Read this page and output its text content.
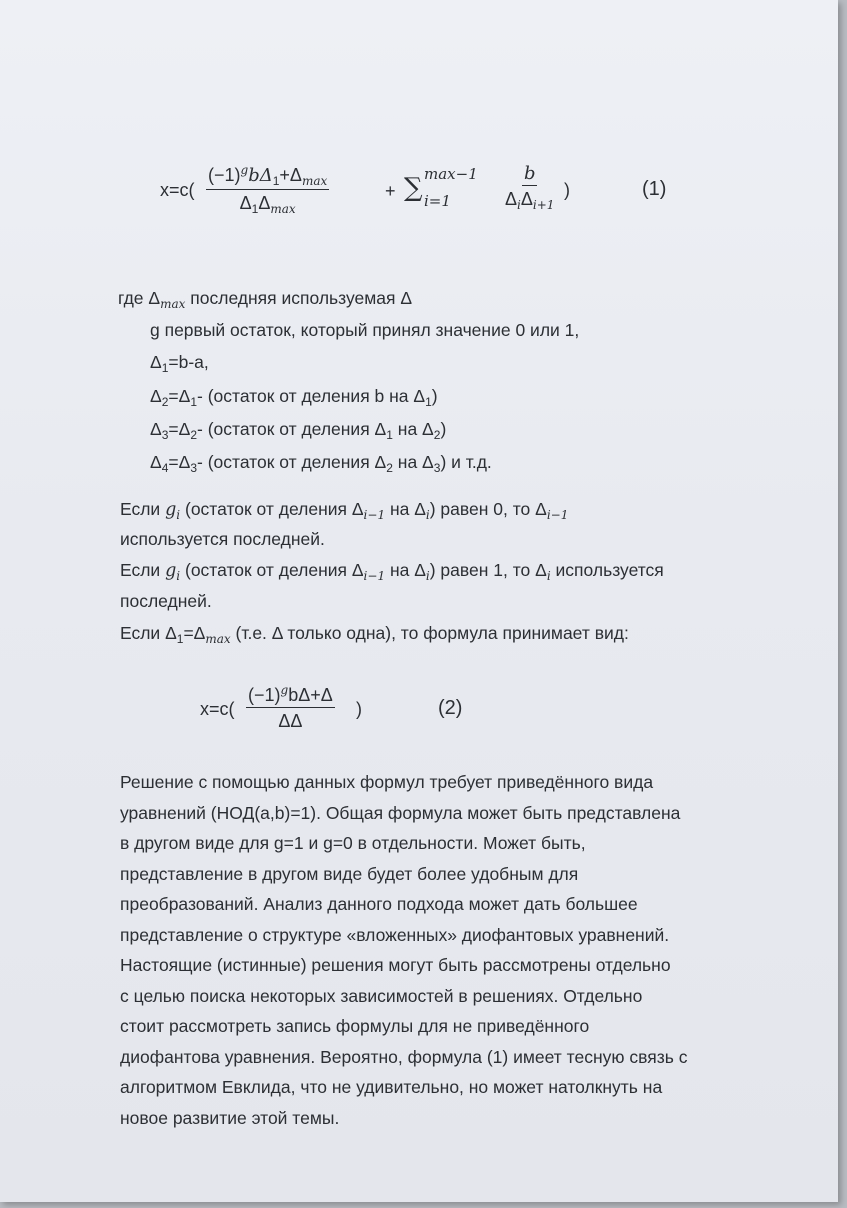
x=c(
$(-1)^gb\Delta_1+\Delta_{max}$
$\Delta_1\Delta_{max}$
+ ∑ max−1
i=1
b
$\Delta_i\Delta_{i+1}$
)	(1)
где $\Delta_{max}$ последняя используемая Δ
g первый остаток, который принял значение 0 или 1,
$\Delta_1=b-a$,
$\Delta_2=\Delta_1-$ (остаток от деления b на $\Delta_1$)
$\Delta_3=\Delta_2-$ (остаток от деления $\Delta_1$ на $\Delta_2$)
$\Delta_4=\Delta_3-$ (остаток от деления $\Delta_2$ на $\Delta_3$) и т.д.
Если $g_i$ (остаток от деления $\Delta_{i-1}$ на $\Delta_i$) равен 0, то $\Delta_{i-1}$
используется последней.
Если $g_i$ (остаток от деления $\Delta_{i-1}$ на $\Delta_i$) равен 1, то $\Delta_i$ используется
последней.
Если $\Delta_1=\Delta_{max}$ (т.е. Δ только одна), то формула принимает вид:
x=c(
$(-1)^gb\Delta+\Delta$
ΔΔ
)	(2)
Решение с помощью данных формул требует приведённого вида
уравнений (НОД(a,b)=1). Общая формула может быть представлена
в другом виде для g=1 и g=0 в отдельности. Может быть,
представление в другом виде будет более удобным для
преобразований. Анализ данного подхода может дать большее
представление о структуре «вложенных» диофантовых уравнений.
Настоящие (истинные) решения могут быть рассмотрены отдельно
с целью поиска некоторых зависимостей в решениях. Отдельно
стоит рассмотреть запись формулы для не приведённого
диофантова уравнения. Вероятно, формула (1) имеет тесную связь с
алгоритмом Евклида, что не удивительно, но может натолкнуть на
новое развитие этой темы.
